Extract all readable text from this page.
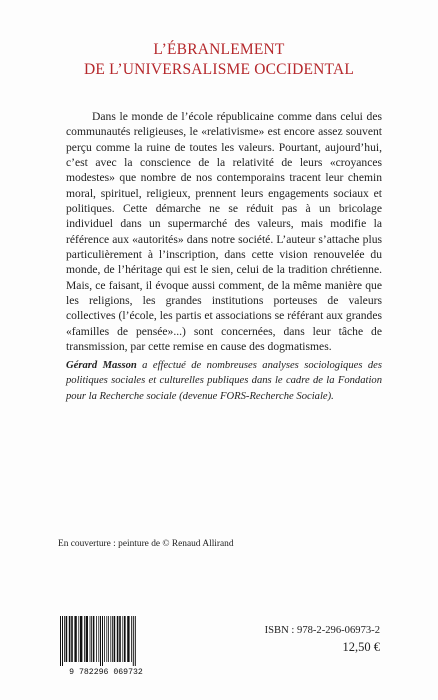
L’ÉBRANLEMENT
DE L’UNIVERSALISME OCCIDENTAL

Dans le monde de l’école républicaine comme dans celui des communautés religieuses, le «relativisme» est encore assez souvent perçu comme la ruine de toutes les valeurs. Pourtant, aujourd’hui, c’est avec la conscience de la relativité de leurs «croyances modestes» que nombre de nos contemporains tracent leur chemin moral, spirituel, religieux, prennent leurs engagements sociaux et politiques. Cette démarche ne se réduit pas à un bricolage individuel dans un supermarché des valeurs, mais modifie la référence aux «autorités» dans notre société. L’auteur s’attache plus particulièrement à l’inscription, dans cette vision renouvelée du monde, de l’héritage qui est le sien, celui de la tradition chrétienne. Mais, ce faisant, il évoque aussi comment, de la même manière que les religions, les grandes institutions porteuses de valeurs collectives (l’école, les partis et associations se référant aux grandes «familles de pensée»...) sont concernées, dans leur tâche de transmission, par cette remise en cause des dogmatismes.

Gérard Masson a effectué de nombreuses analyses sociologiques des politiques sociales et culturelles publiques dans le cadre de la Fondation pour la Recherche sociale (devenue FORS-Recherche Sociale).
En couverture : peinture de © Renaud Allirand
9 782296 069732
ISBN : 978-2-296-06973-2
12,50 €
